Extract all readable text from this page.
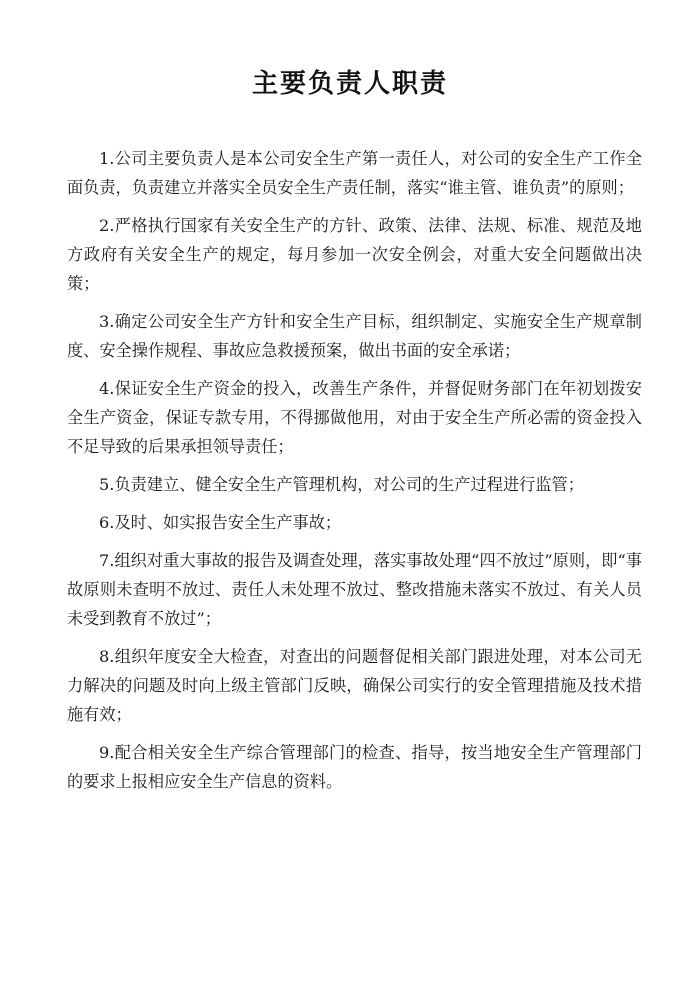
主要负责人职责

1.公司主要负责人是本公司安全生产第一责任人，对公司的安全生产工作全面负责，负责建立并落实全员安全生产责任制，落实“谁主管、谁负责”的原则；

2.严格执行国家有关安全生产的方针、政策、法律、法规、标准、规范及地方政府有关安全生产的规定，每月参加一次安全例会，对重大安全问题做出决策；

3.确定公司安全生产方针和安全生产目标，组织制定、实施安全生产规章制度、安全操作规程、事故应急救援预案，做出书面的安全承诺；

4.保证安全生产资金的投入，改善生产条件，并督促财务部门在年初划拨安全生产资金，保证专款专用，不得挪做他用，对由于安全生产所必需的资金投入不足导致的后果承担领导责任；

5.负责建立、健全安全生产管理机构，对公司的生产过程进行监管；

6.及时、如实报告安全生产事故；

7.组织对重大事故的报告及调查处理，落实事故处理“四不放过”原则，即“事故原则未查明不放过、责任人未处理不放过、整改措施未落实不放过、有关人员未受到教育不放过”；

8.组织年度安全大检查，对查出的问题督促相关部门跟进处理，对本公司无力解决的问题及时向上级主管部门反映，确保公司实行的安全管理措施及技术措施有效；

9.配合相关安全生产综合管理部门的检查、指导，按当地安全生产管理部门的要求上报相应安全生产信息的资料。
